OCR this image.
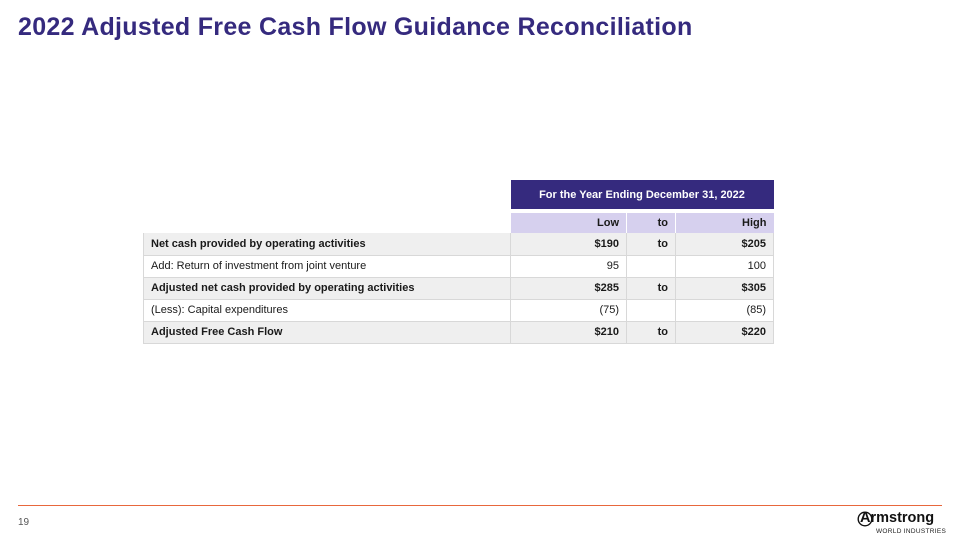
2022 Adjusted Free Cash Flow Guidance Reconciliation
	For the Year Ending December 31, 2022		
	Low	to	High
Net cash provided by operating activities	$190	to	$205
Add: Return of investment from joint venture	95		100
Adjusted net cash provided by operating activities	$285	to	$305
(Less): Capital expenditures	(75)		(85)
Adjusted Free Cash Flow	$210	to	$220
19	Armstrong
WORLD INDUSTRIES
